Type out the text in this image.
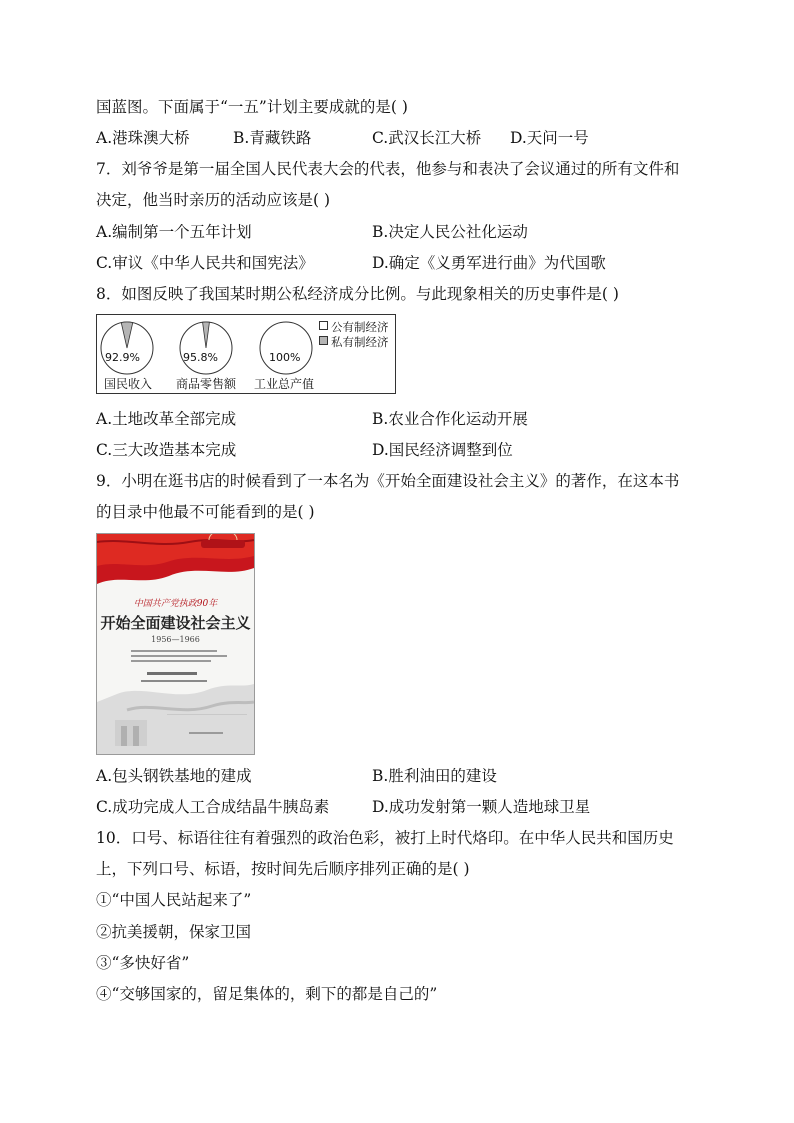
国蓝图。下面属于“一五”计划主要成就的是( )
A.港珠澳大桥	B.青藏铁路	C.武汉长江大桥 D.天问一号
7．刘爷爷是第一届全国人民代表大会的代表，他参与和表决了会议通过的所有文件和
决定，他当时亲历的活动应该是( )
A.编制第一个五年计划	B.决定人民公社化运动
C.审议《中华人民共和国宪法》	D.确定《义勇军进行曲》为代国歌
8．如图反映了我国某时期公私经济成分比例。与此现象相关的历史事件是( )
92.9%	95.8%	100%
国民收入 商品零售额 工业总产值
公有制经济
私有制经济
A.土地改革全部完成	B.农业合作化运动开展
C.三大改造基本完成	D.国民经济调整到位
9．小明在逛书店的时候看到了一本名为《开始全面建设社会主义》的著作，在这本书
的目录中他最不可能看到的是( )
中国共产党执政90年
开始全面建设社会主义
1956—1966
A.包头钢铁基地的建成	B.胜利油田的建设
C.成功完成人工合成结晶牛胰岛素	D.成功发射第一颗人造地球卫星
10．口号、标语往往有着强烈的政治色彩，被打上时代烙印。在中华人民共和国历史
上，下列口号、标语，按时间先后顺序排列正确的是( )
①“中国人民站起来了”
②抗美援朝，保家卫国
③“多快好省”
④“交够国家的，留足集体的，剩下的都是自己的”
